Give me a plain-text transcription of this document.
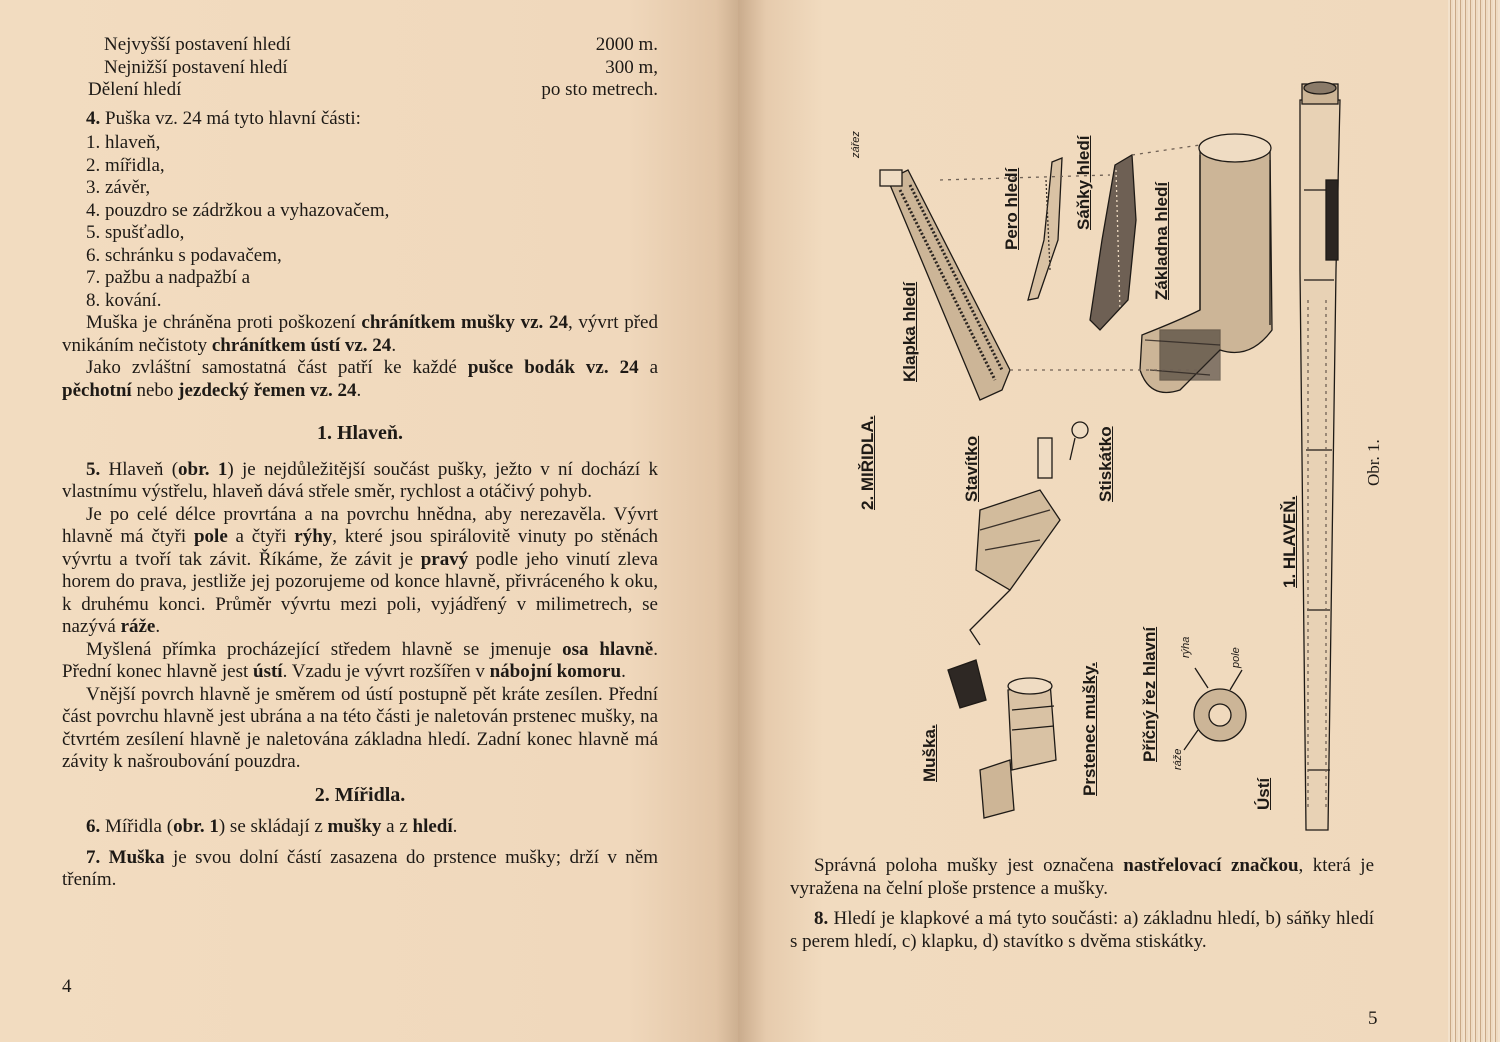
Nejvyšší postavení hledí	2000 m.
Nejnižší postavení hledí	300 m,
Dělení hledí	po sto metrech.

4. Puška vz. 24 má tyto hlavní části:

1. hlaveň,
2. mířidla,
3. závěr,
4. pouzdro se zádržkou a vyhazovačem,
5. spušťadlo,
6. schránku s podavačem,
7. pažbu a nadpažbí a
8. kování.

Muška je chráněna proti poškození chránítkem mušky vz. 24, vývrt před vnikáním nečistoty chránítkem ústí vz. 24.

Jako zvláštní samostatná část patří ke každé pušce bodák vz. 24 a pěchotní nebo jezdecký řemen vz. 24.

1. Hlaveň.

5. Hlaveň (obr. 1) je nejdůležitější součást pušky, ježto v ní dochází k vlastnímu výstřelu, hlaveň dává střele směr, rychlost a otáčivý pohyb.

Je po celé délce provrtána a na povrchu hnědna, aby nerezavěla. Vývrt hlavně má čtyři pole a čtyři rýhy, které jsou spirálovitě vinuty po stěnách vývrtu a tvoří tak závit. Říkáme, že závit je pravý podle jeho vinutí zleva horem do prava, jestliže jej pozorujeme od konce hlavně, přivráceného k oku, k druhému konci. Průměr vývrtu mezi poli, vyjádřený v milimetrech, se nazývá ráže.

Myšlená přímka procházející středem hlavně se jmenuje osa hlavně. Přední konec hlavně jest ústí. Vzadu je vývrt rozšířen v nábojní komoru.

Vnější povrch hlavně je směrem od ústí postupně pět kráte zesílen. Přední část povrchu hlavně jest ubrána a na této části je naletován prstenec mušky, na čtvrtém zesílení hlavně je naletována základna hledí. Zadní konec hlavně má závity k našroubování pouzdra.

2. Mířidla.

6. Mířidla (obr. 1) se skládají z mušky a z hledí.

7. Muška je svou dolní částí zasazena do prstence mušky; drží v něm třením.

4
zářez
Pero hledí	Sáňky hledí	Základna hledí
Klapka hledí
2. MIŘIDLA.	Stavítko	Stiskátko
1. HLAVEŇ.
Obr. 1.
Prstenec mušky. Příčný řez hlavní rýha	pole
ráže
Muška.
Ústí

Správná poloha mušky jest označena nastřelovací značkou, která je vyražena na čelní ploše prstence a mušky.

8. Hledí je klapkové a má tyto součásti: a) základnu hledí, b) sáňky hledí s perem hledí, c) klapku, d) stavítko s dvěma stiskátky.

5
